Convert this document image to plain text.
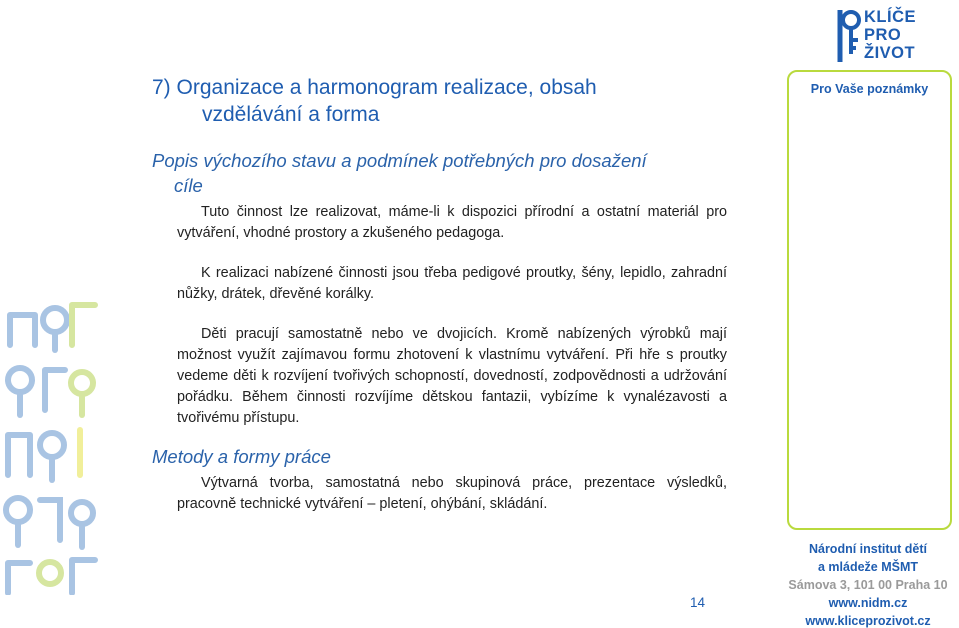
7) Organizace a harmonogram realizace, obsah
vzdělávání a forma
Popis výchozího stavu a podmínek potřebných pro dosažení
cíle
Tuto činnost lze realizovat, máme-li k dispozici přírodní a ostatní materiál pro vytváření, vhodné prostory a zkušeného pedagoga.
K realizaci nabízené činnosti jsou třeba pedigové proutky, šény, lepidlo, zahradní nůžky, drátek, dřevěné korálky.
Děti pracují samostatně nebo ve dvojicích. Kromě nabízených výrobků mají možnost využít zajímavou formu zhotovení k vlastnímu vytváření. Při hře s proutky vedeme děti k rozvíjení tvořivých schopností, dovedností, zodpovědnosti a udržování pořádku. Během činnosti rozvíjíme dětskou fantazii, vybízíme k vynalézavosti a tvořivému přístupu.
Metody a formy práce
Výtvarná tvorba, samostatná nebo skupinová práce, prezentace výsledků, pracovně technické vytváření – pletení, ohýbání, skládání.
KLÍČE
PRO
ŽIVOT
Pro Vaše poznámky
Národní institut dětí
a mládeže MŠMT
Sámova 3, 101 00 Praha 10
www.nidm.cz
www.kliceprozivot.cz
14
